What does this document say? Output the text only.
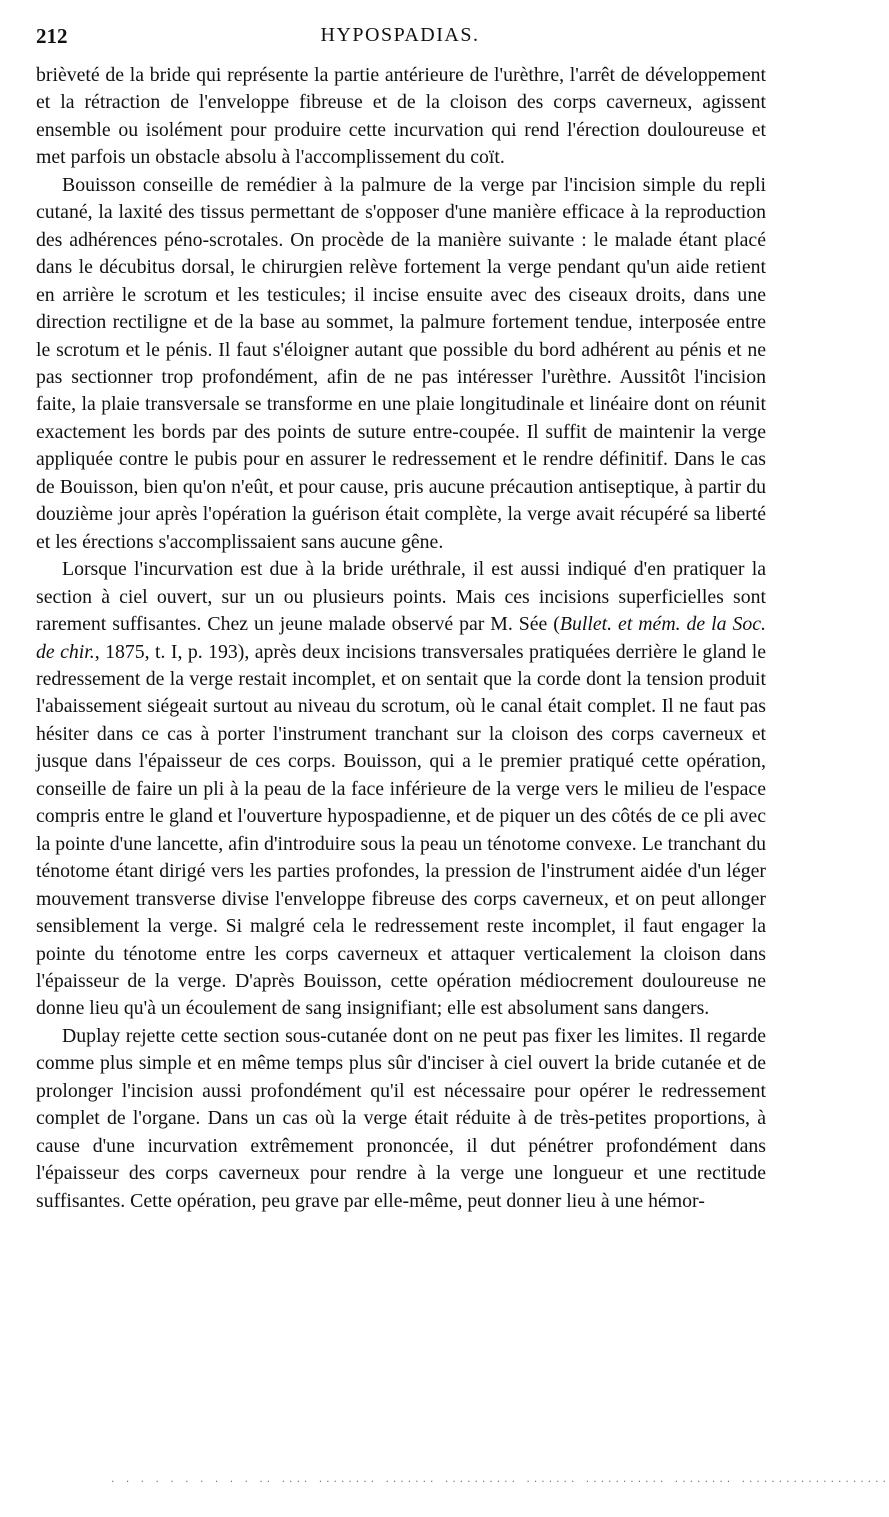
212	HYPOSPADIAS.

brièveté de la bride qui représente la partie antérieure de l'urèthre, l'arrêt de développement et la rétraction de l'enveloppe fibreuse et de la cloison des corps caverneux, agissent ensemble ou isolément pour produire cette incurvation qui rend l'érection douloureuse et met parfois un obstacle absolu à l'accomplissement du coït.

Bouisson conseille de remédier à la palmure de la verge par l'incision simple du repli cutané, la laxité des tissus permettant de s'opposer d'une manière efficace à la reproduction des adhérences péno-scrotales. On procède de la manière suivante : le malade étant placé dans le décubitus dorsal, le chirurgien relève fortement la verge pendant qu'un aide retient en arrière le scrotum et les testicules; il incise ensuite avec des ciseaux droits, dans une direction rectiligne et de la base au sommet, la palmure fortement tendue, interposée entre le scrotum et le pénis. Il faut s'éloigner autant que possible du bord adhérent au pénis et ne pas sectionner trop profondément, afin de ne pas intéresser l'urèthre. Aussitôt l'incision faite, la plaie transversale se transforme en une plaie longitudinale et linéaire dont on réunit exactement les bords par des points de suture entre-coupée. Il suffit de maintenir la verge appliquée contre le pubis pour en assurer le redressement et le rendre définitif. Dans le cas de Bouisson, bien qu'on n'eût, et pour cause, pris aucune précaution antiseptique, à partir du douzième jour après l'opération la guérison était complète, la verge avait récupéré sa liberté et les érections s'accomplissaient sans aucune gêne.

Lorsque l'incurvation est due à la bride uréthrale, il est aussi indiqué d'en pratiquer la section à ciel ouvert, sur un ou plusieurs points. Mais ces incisions superficielles sont rarement suffisantes. Chez un jeune malade observé par M. Sée (Bullet. et mém. de la Soc. de chir., 1875, t. I, p. 193), après deux incisions transversales pratiquées derrière le gland le redressement de la verge restait incomplet, et on sentait que la corde dont la tension produit l'abaissement siégeait surtout au niveau du scrotum, où le canal était complet. Il ne faut pas hésiter dans ce cas à porter l'instrument tranchant sur la cloison des corps caverneux et jusque dans l'épaisseur de ces corps. Bouisson, qui a le premier pratiqué cette opération, conseille de faire un pli à la peau de la face inférieure de la verge vers le milieu de l'espace compris entre le gland et l'ouverture hypospadienne, et de piquer un des côtés de ce pli avec la pointe d'une lancette, afin d'introduire sous la peau un ténotome convexe. Le tranchant du ténotome étant dirigé vers les parties profondes, la pression de l'instrument aidée d'un léger mouvement transverse divise l'enveloppe fibreuse des corps caverneux, et on peut allonger sensiblement la verge. Si malgré cela le redressement reste incomplet, il faut engager la pointe du ténotome entre les corps caverneux et attaquer verticalement la cloison dans l'épaisseur de la verge. D'après Bouisson, cette opération médiocrement douloureuse ne donne lieu qu'à un écoulement de sang insignifiant; elle est absolument sans dangers.

Duplay rejette cette section sous-cutanée dont on ne peut pas fixer les limites. Il regarde comme plus simple et en même temps plus sûr d'inciser à ciel ouvert la bride cutanée et de prolonger l'incision aussi profondément qu'il est nécessaire pour opérer le redressement complet de l'organe. Dans un cas où la verge était réduite à de très-petites proportions, à cause d'une incurvation extrêmement prononcée, il dut pénétrer profondément dans l'épaisseur des corps caverneux pour rendre à la verge une longueur et une rectitude suffisantes. Cette opération, peu grave par elle-même, peut donner lieu à une hémor-

. . . . . . . . . . .. .... ........ ....... .......... ....... ........... ........ ....................
